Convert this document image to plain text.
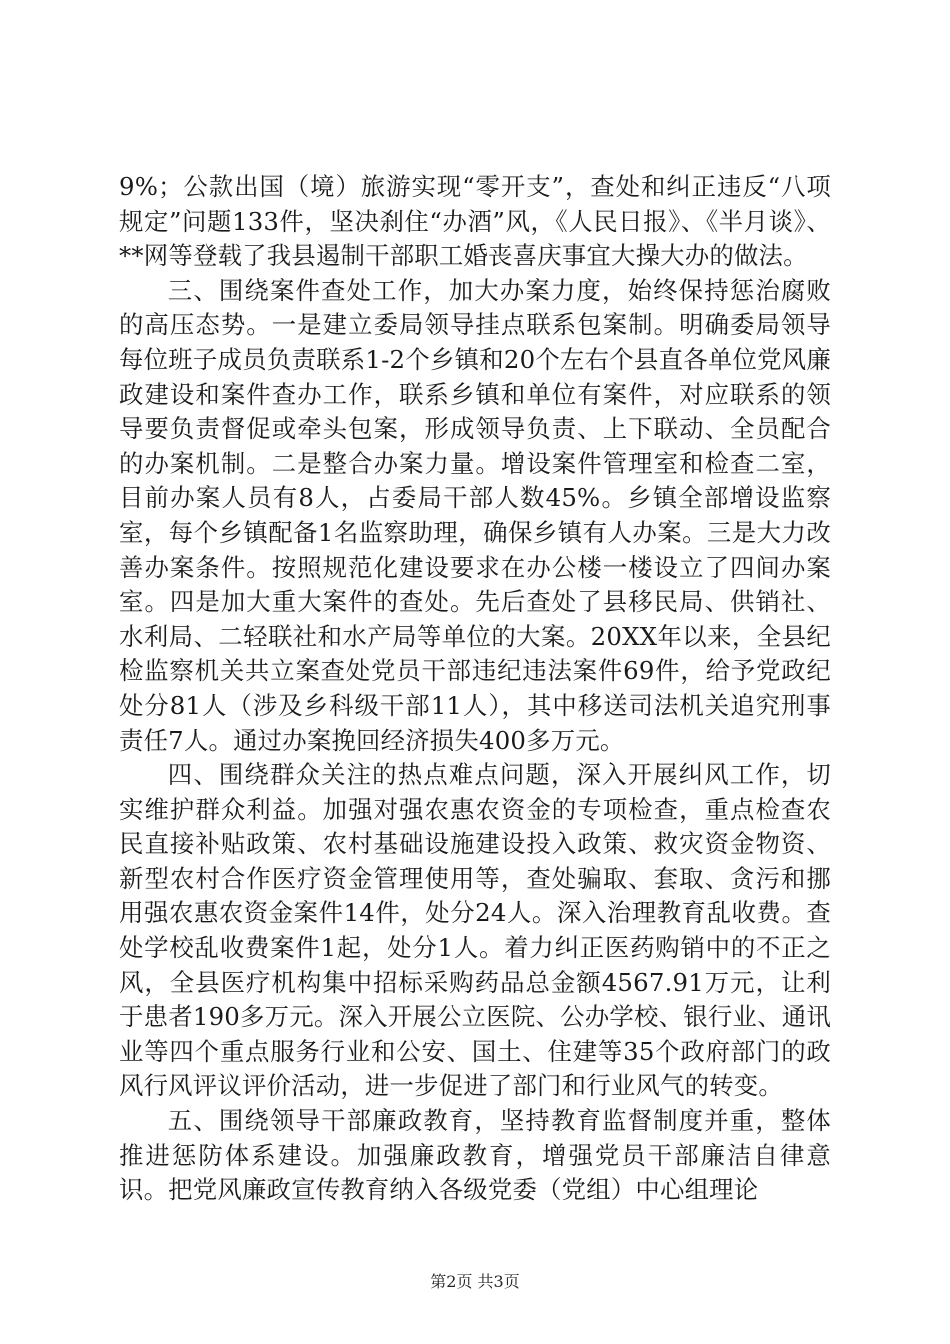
9%；公款出国（境）旅游实现“零开支”，查处和纠正违反“八项规定”问题133件，坚决刹住“办酒”风，《人民日报》、《半月谈》、**网等登载了我县遏制干部职工婚丧喜庆事宜大操大办的做法。

三、围绕案件查处工作，加大办案力度，始终保持惩治腐败的高压态势。一是建立委局领导挂点联系包案制。明确委局领导每位班子成员负责联系1-2个乡镇和20个左右个县直各单位党风廉政建设和案件查办工作，联系乡镇和单位有案件，对应联系的领导要负责督促或牵头包案，形成领导负责、上下联动、全员配合的办案机制。二是整合办案力量。增设案件管理室和检查二室，目前办案人员有8人，占委局干部人数45%。乡镇全部增设监察室，每个乡镇配备1名监察助理，确保乡镇有人办案。三是大力改善办案条件。按照规范化建设要求在办公楼一楼设立了四间办案室。四是加大重大案件的查处。先后查处了县移民局、供销社、水利局、二轻联社和水产局等单位的大案。20XX年以来，全县纪检监察机关共立案查处党员干部违纪违法案件69件，给予党政纪处分81人（涉及乡科级干部11人），其中移送司法机关追究刑事责任7人。通过办案挽回经济损失400多万元。

四、围绕群众关注的热点难点问题，深入开展纠风工作，切实维护群众利益。加强对强农惠农资金的专项检查，重点检查农民直接补贴政策、农村基础设施建设投入政策、救灾资金物资、新型农村合作医疗资金管理使用等，查处骗取、套取、贪污和挪用强农惠农资金案件14件，处分24人。深入治理教育乱收费。查处学校乱收费案件1起，处分1人。着力纠正医药购销中的不正之风，全县医疗机构集中招标采购药品总金额4567.91万元，让利于患者190多万元。深入开展公立医院、公办学校、银行业、通讯业等四个重点服务行业和公安、国土、住建等35个政府部门的政风行风评议评价活动，进一步促进了部门和行业风气的转变。

五、围绕领导干部廉政教育，坚持教育监督制度并重，整体推进惩防体系建设。加强廉政教育，增强党员干部廉洁自律意识。把党风廉政宣传教育纳入各级党委（党组）中心组理论

第2页 共3页
